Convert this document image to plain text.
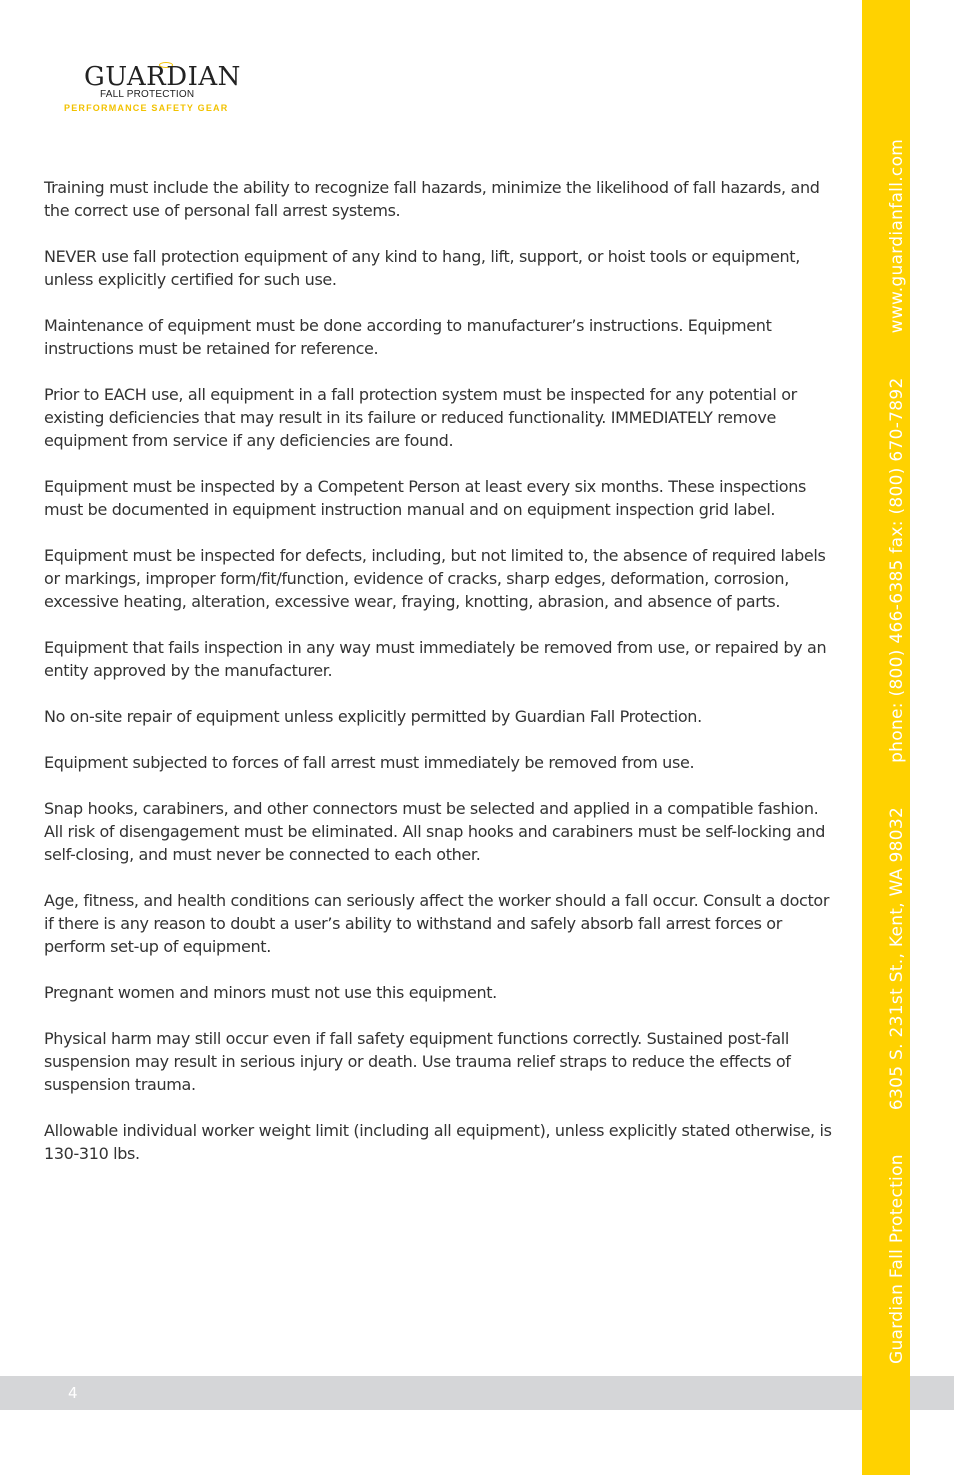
GUARDIAN
FALL PROTECTION
PERFORMANCE SAFETY GEAR

Training must include the ability to recognize fall hazards, minimize the likelihood of fall hazards, and the correct use of personal fall arrest systems.

NEVER use fall protection equipment of any kind to hang, lift, support, or hoist tools or equipment, unless explicitly certified for such use.

Maintenance of equipment must be done according to manufacturer’s instructions. Equipment instructions must be retained for reference.

Prior to EACH use, all equipment in a fall protection system must be inspected for any potential or existing deficiencies that may result in its failure or reduced functionality. IMMEDIATELY remove equipment from service if any deficiencies are found.

Equipment must be inspected by a Competent Person at least every six months. These inspections must be documented in equipment instruction manual and on equipment inspection grid label.

Equipment must be inspected for defects, including, but not limited to, the absence of required labels or markings, improper form/fit/function, evidence of cracks, sharp edges, deformation, corrosion, excessive heating, alteration, excessive wear, fraying, knotting, abrasion, and absence of parts.

Equipment that fails inspection in any way must immediately be removed from use, or repaired by an entity approved by the manufacturer.

No on-site repair of equipment unless explicitly permitted by Guardian Fall Protection.

Equipment subjected to forces of fall arrest must immediately be removed from use.

Snap hooks, carabiners, and other connectors must be selected and applied in a compatible fashion. All risk of disengagement must be eliminated. All snap hooks and carabiners must be self-locking and self-closing, and must never be connected to each other.

Age, fitness, and health conditions can seriously affect the worker should a fall occur. Consult a doctor if there is any reason to doubt a user’s ability to withstand and safely absorb fall arrest forces or perform set-up of equipment.

Pregnant women and minors must not use this equipment.

Physical harm may still occur even if fall safety equipment functions correctly. Sustained post-fall suspension may result in serious injury or death. Use trauma relief straps to reduce the effects of suspension trauma.

Allowable individual worker weight limit (including all equipment), unless explicitly stated otherwise, is 130-310 lbs.

Guardian Fall Protection6305 S. 231st St., Kent, WA 98032phone: (800) 466-6385 fax: (800) 670-7892www.guardianfall.com
4
